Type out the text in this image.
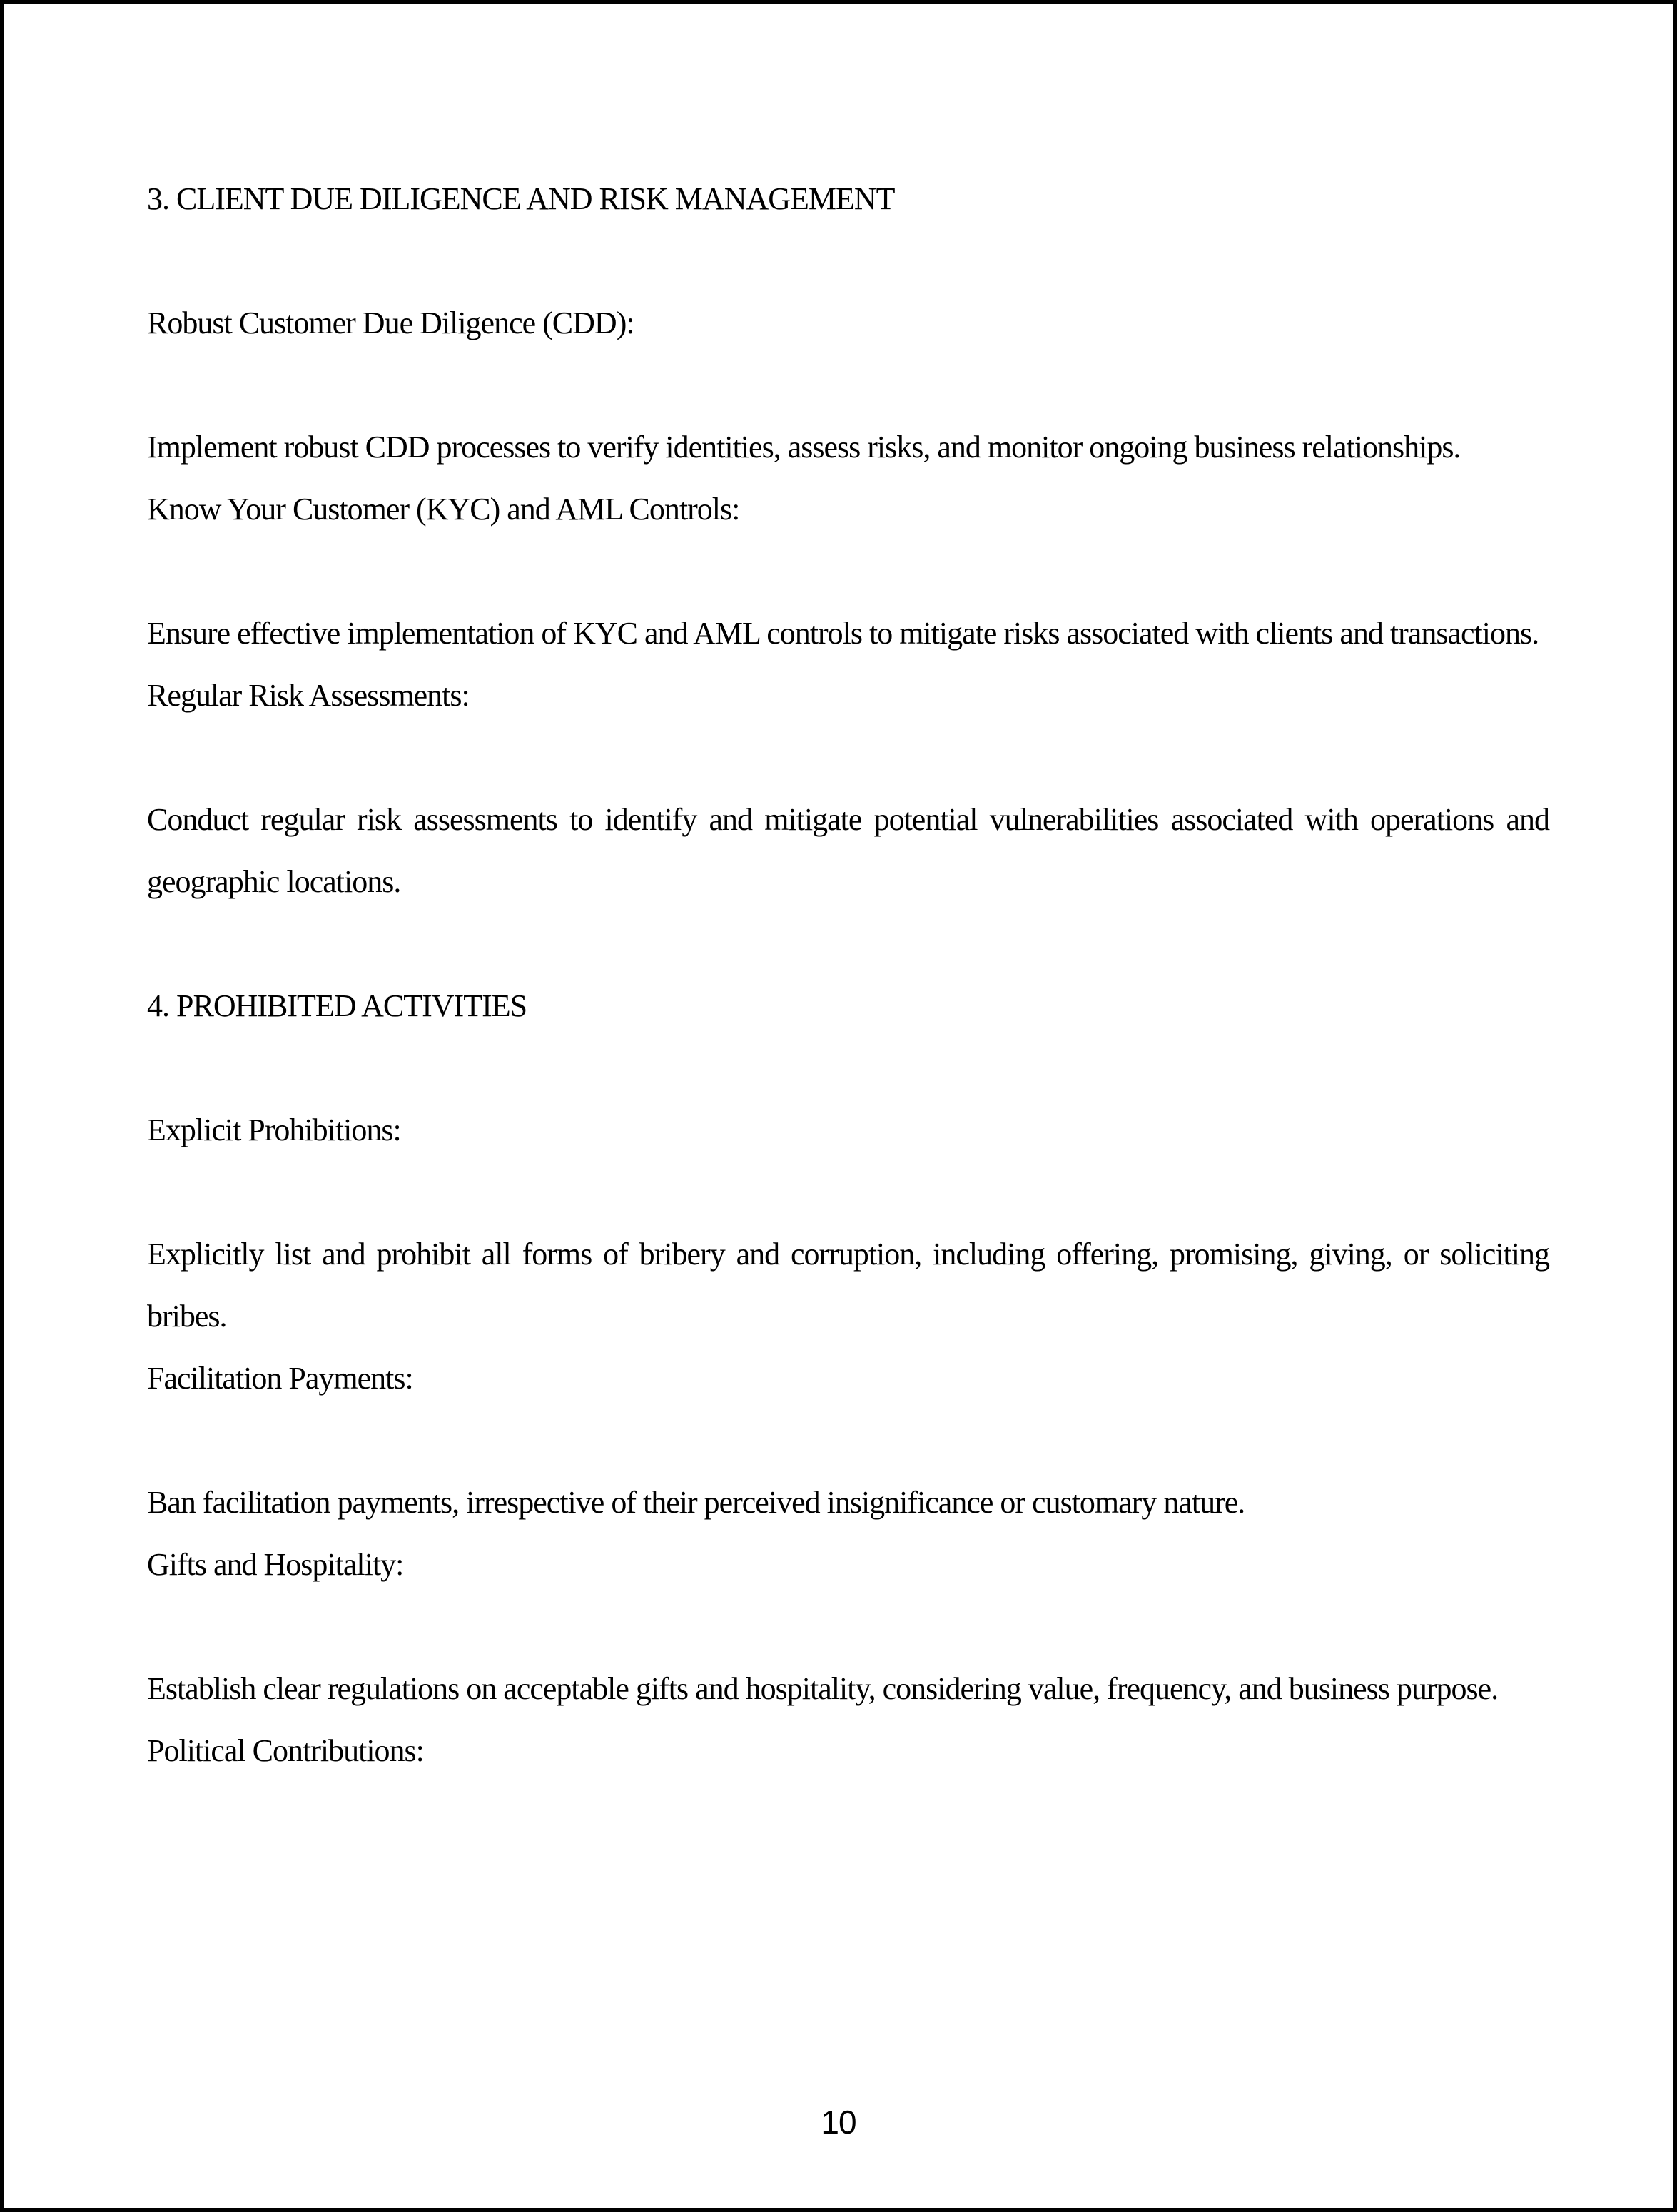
3. CLIENT DUE DILIGENCE AND RISK MANAGEMENT
Robust Customer Due Diligence (CDD):
Implement robust CDD processes to verify identities, assess risks, and monitor ongoing business relationships.
Know Your Customer (KYC) and AML Controls:
Ensure effective implementation of KYC and AML controls to mitigate risks associated with clients and transactions.
Regular Risk Assessments:
Conduct regular risk assessments to identify and mitigate potential vulnerabilities associated with operations and geographic locations.
4. PROHIBITED ACTIVITIES
Explicit Prohibitions:
Explicitly list and prohibit all forms of bribery and corruption, including offering, promising, giving, or soliciting bribes.
Facilitation Payments:
Ban facilitation payments, irrespective of their perceived insignificance or customary nature.
Gifts and Hospitality:
Establish clear regulations on acceptable gifts and hospitality, considering value, frequency, and business purpose.
Political Contributions:
10
